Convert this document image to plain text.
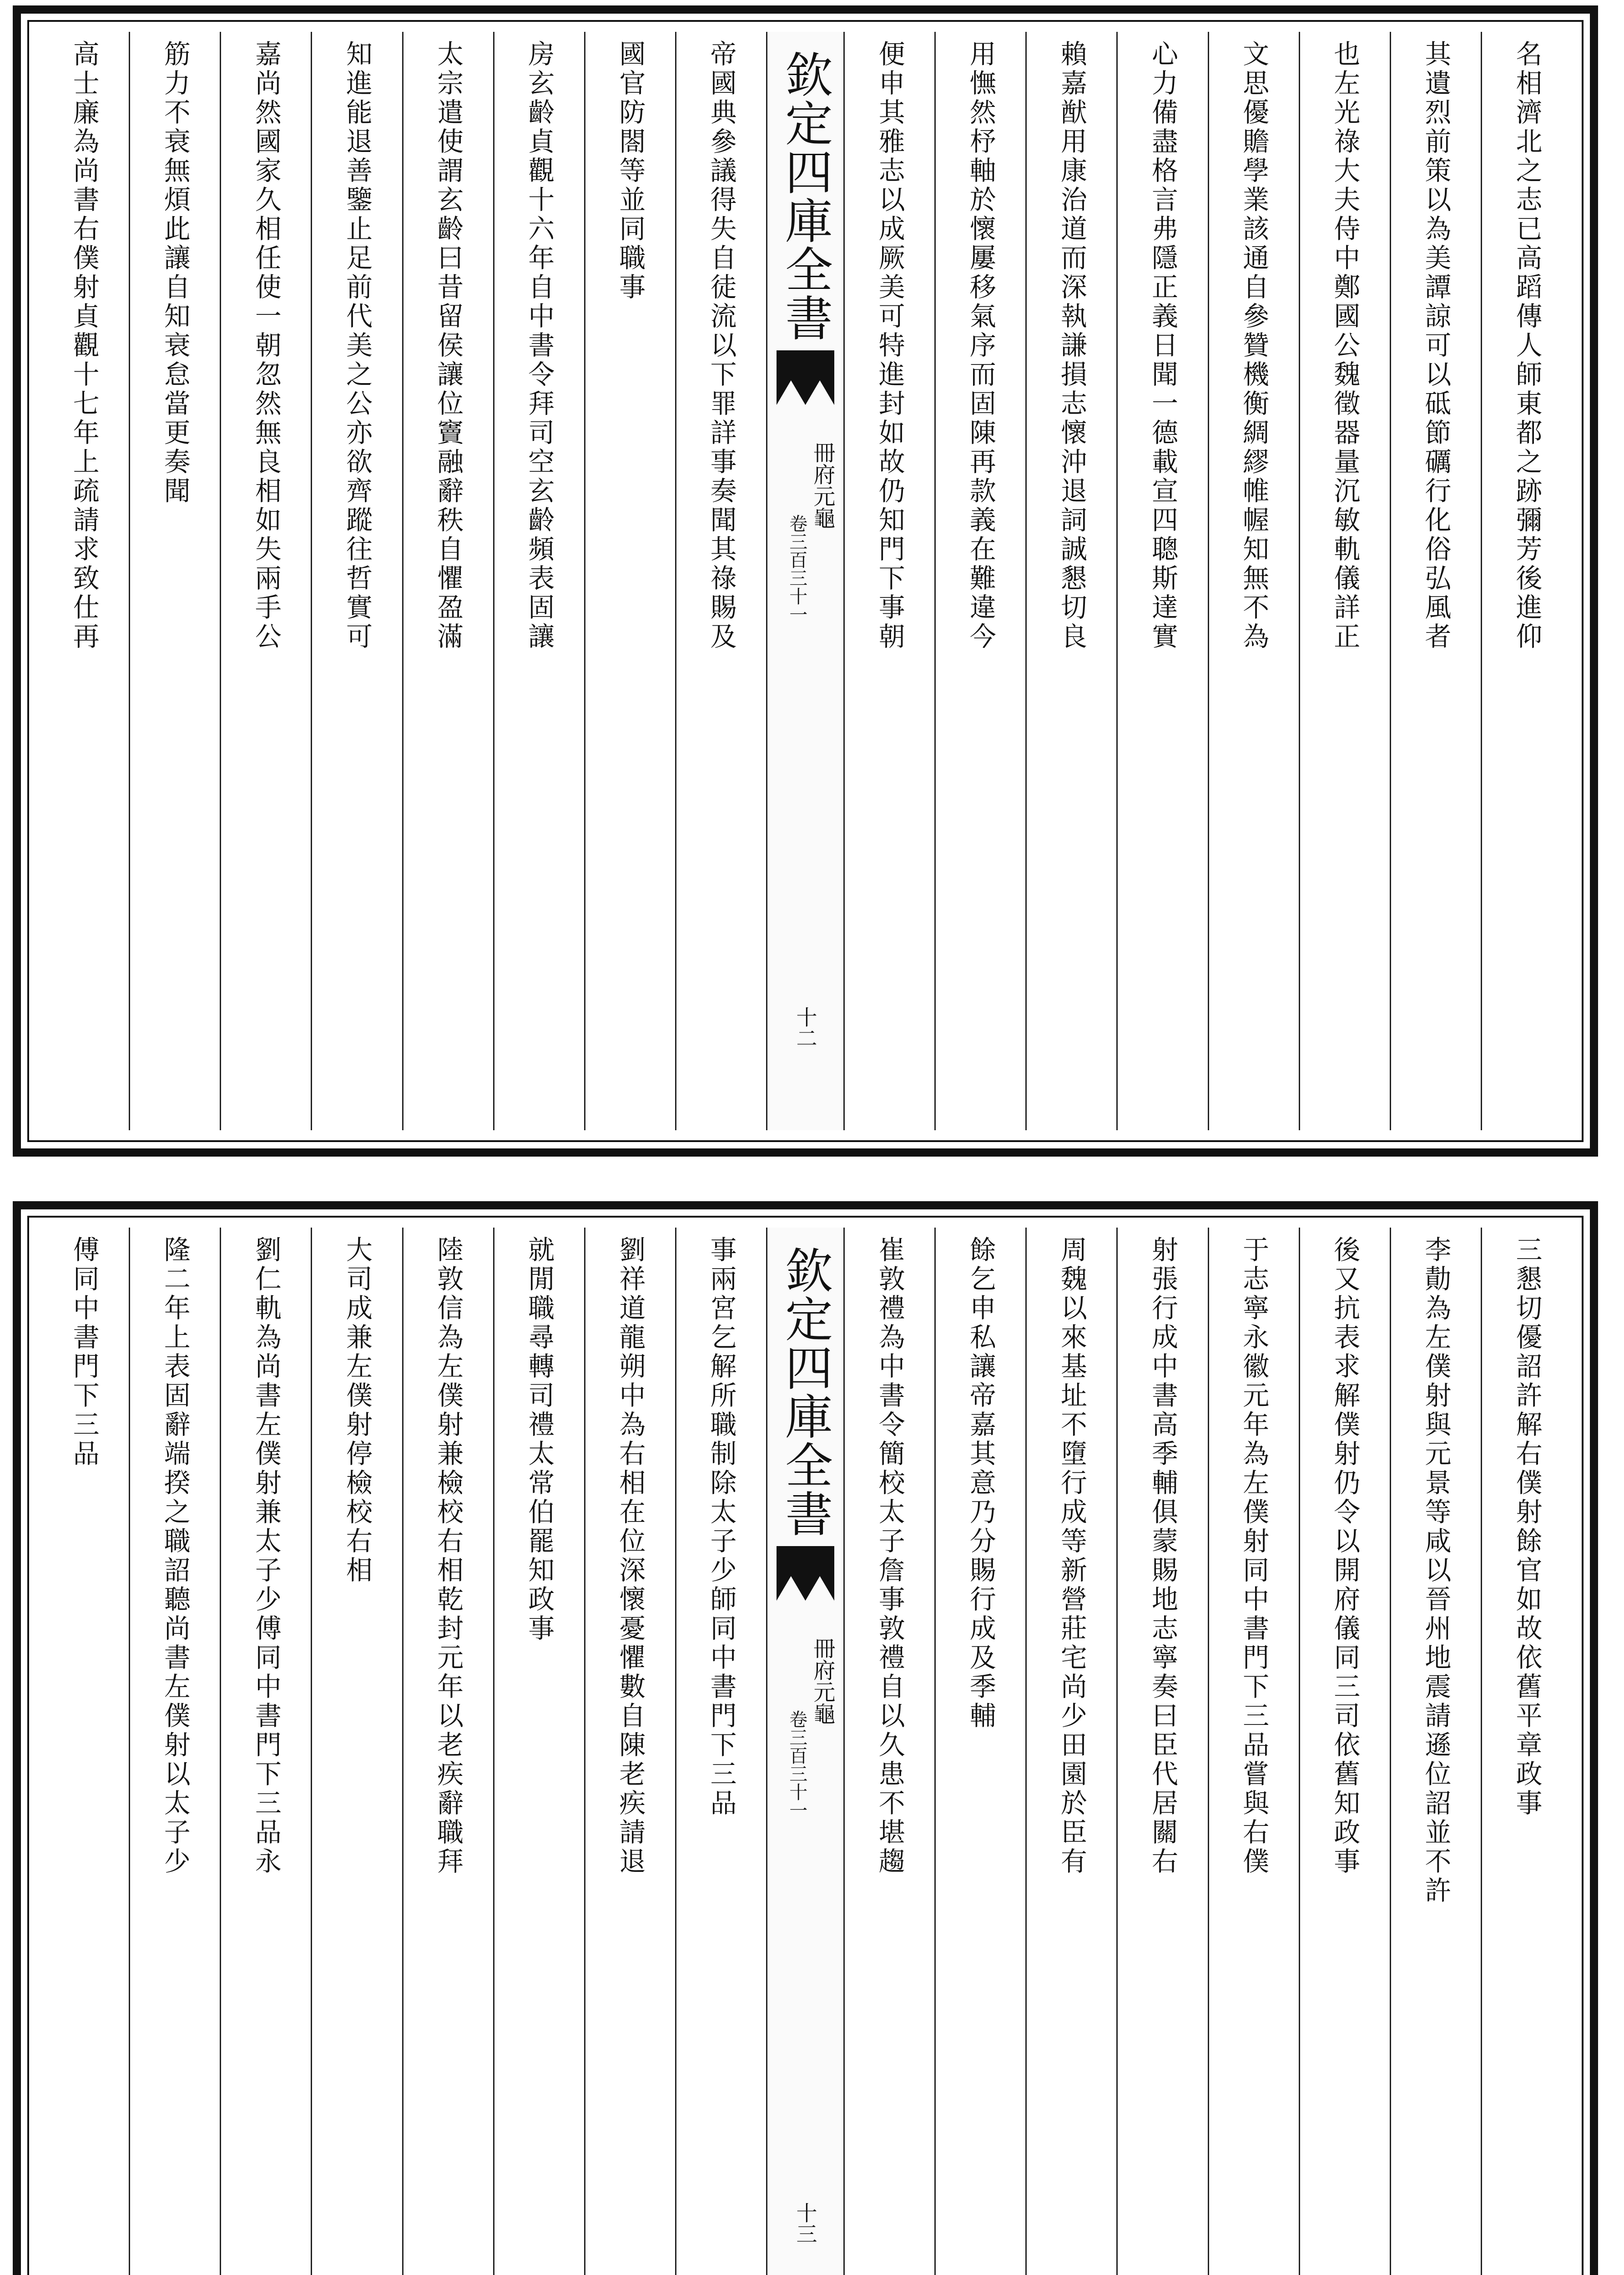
名相濟北之志已高蹈傳人師東都之跡彌芳後進仰
其遺烈前策以為美譚諒可以砥節礪行化俗弘風者
也左光祿大夫侍中鄭國公魏徵器量沉敏軌儀詳正
文思優贍學業該通自參贊機衡綢繆帷幄知無不為
心力備盡格言弗隱正義日聞一德載宣四聰斯達實
賴嘉猷用康治道而深執謙損志懷沖退詞誠懇切良
用憮然杼軸於懷屢移氣序而固陳再款義在難違今
便申其雅志以成厥美可特進封如故仍知門下事朝
欽定四庫全書
冊府元龜
卷三百三十一
十二
帝國典參議得失自徒流以下罪詳事奏聞其祿賜及
國官防閤等並同職事
房玄齡貞觀十六年自中書令拜司空玄齡頻表固讓
太宗遣使謂玄齡曰昔留侯讓位竇融辭秩自懼盈滿
知進能退善鑒止足前代美之公亦欲齊蹤往哲實可
嘉尚然國家久相任使一朝忽然無良相如失兩手公
筋力不衰無煩此讓自知衰怠當更奏聞
高士廉為尚書右僕射貞觀十七年上疏請求致仕再
三懇切優詔許解右僕射餘官如故依舊平章政事
李勣為左僕射與元景等咸以晉州地震請遜位詔並不許
後又抗表求解僕射仍令以開府儀同三司依舊知政事
于志寧永徽元年為左僕射同中書門下三品嘗與右僕
射張行成中書高季輔俱蒙賜地志寧奏曰臣代居關右
周魏以來基址不墮行成等新營莊宅尚少田園於臣有
餘乞申私讓帝嘉其意乃分賜行成及季輔
崔敦禮為中書令簡校太子詹事敦禮自以久患不堪趨
欽定四庫全書
冊府元龜
卷三百三十一
十三
事兩宮乞解所職制除太子少師同中書門下三品
劉祥道龍朔中為右相在位深懷憂懼數自陳老疾請退
就閒職尋轉司禮太常伯罷知政事
陸敦信為左僕射兼檢校右相乾封元年以老疾辭職拜
大司成兼左僕射停檢校右相
劉仁軌為尚書左僕射兼太子少傅同中書門下三品永
隆二年上表固辭端揆之職詔聽尚書左僕射以太子少
傅同中書門下三品
